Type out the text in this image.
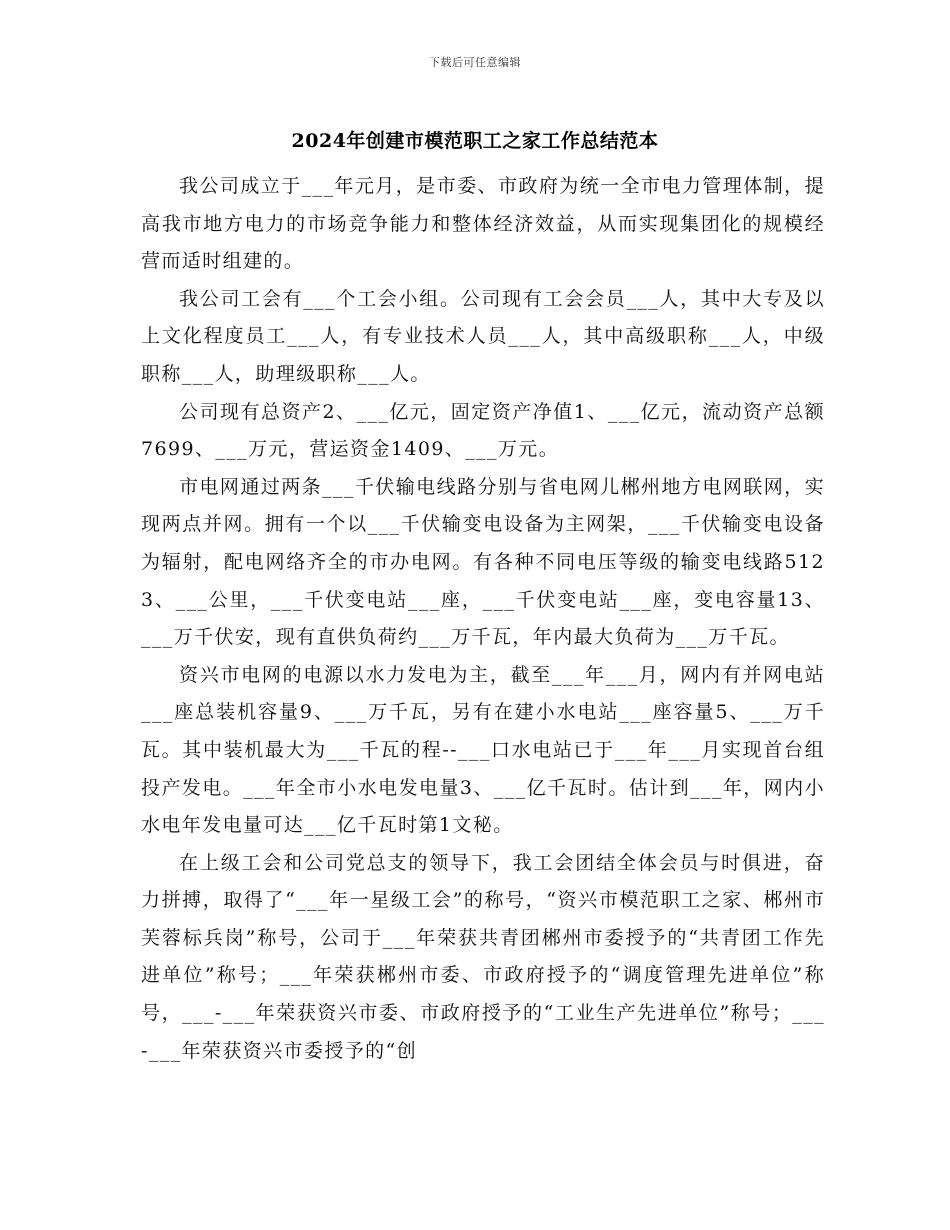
下载后可任意编辑
2024年创建市模范职工之家工作总结范本

我公司成立于___年元月，是市委、市政府为统一全市电力管理体制，提高我市地方电力的市场竞争能力和整体经济效益，从而实现集团化的规模经营而适时组建的。

我公司工会有___个工会小组。公司现有工会会员___人，其中大专及以上文化程度员工___人，有专业技术人员___人，其中高级职称___人，中级职称___人，助理级职称___人。

公司现有总资产2、___亿元，固定资产净值1、___亿元，流动资产总额7699、___万元，营运资金1409、___万元。

市电网通过两条___千伏输电线路分别与省电网儿郴州地方电网联网，实现两点并网。拥有一个以___千伏输变电设备为主网架，___千伏输变电设备为辐射，配电网络齐全的市办电网。有各种不同电压等级的输变电线路5123、___公里，___千伏变电站___座，___千伏变电站___座，变电容量13、___万千伏安，现有直供负荷约___万千瓦，年内最大负荷为___万千瓦。

资兴市电网的电源以水力发电为主，截至___年___月，网内有并网电站___座总装机容量9、___万千瓦，另有在建小水电站___座容量5、___万千瓦。其中装机最大为___千瓦的程--___口水电站已于___年___月实现首台组投产发电。___年全市小水电发电量3、___亿千瓦时。估计到___年，网内小水电年发电量可达___亿千瓦时第1文秘。

在上级工会和公司党总支的领导下，我工会团结全体会员与时俱进，奋力拼搏，取得了“___年一星级工会”的称号，“资兴市模范职工之家、郴州市芙蓉标兵岗”称号，公司于___年荣获共青团郴州市委授予的“共青团工作先进单位”称号；___年荣获郴州市委、市政府授予的“调度管理先进单位”称号，___-___年荣获资兴市委、市政府授予的“工业生产先进单位”称号；___-___年荣获资兴市委授予的“创
